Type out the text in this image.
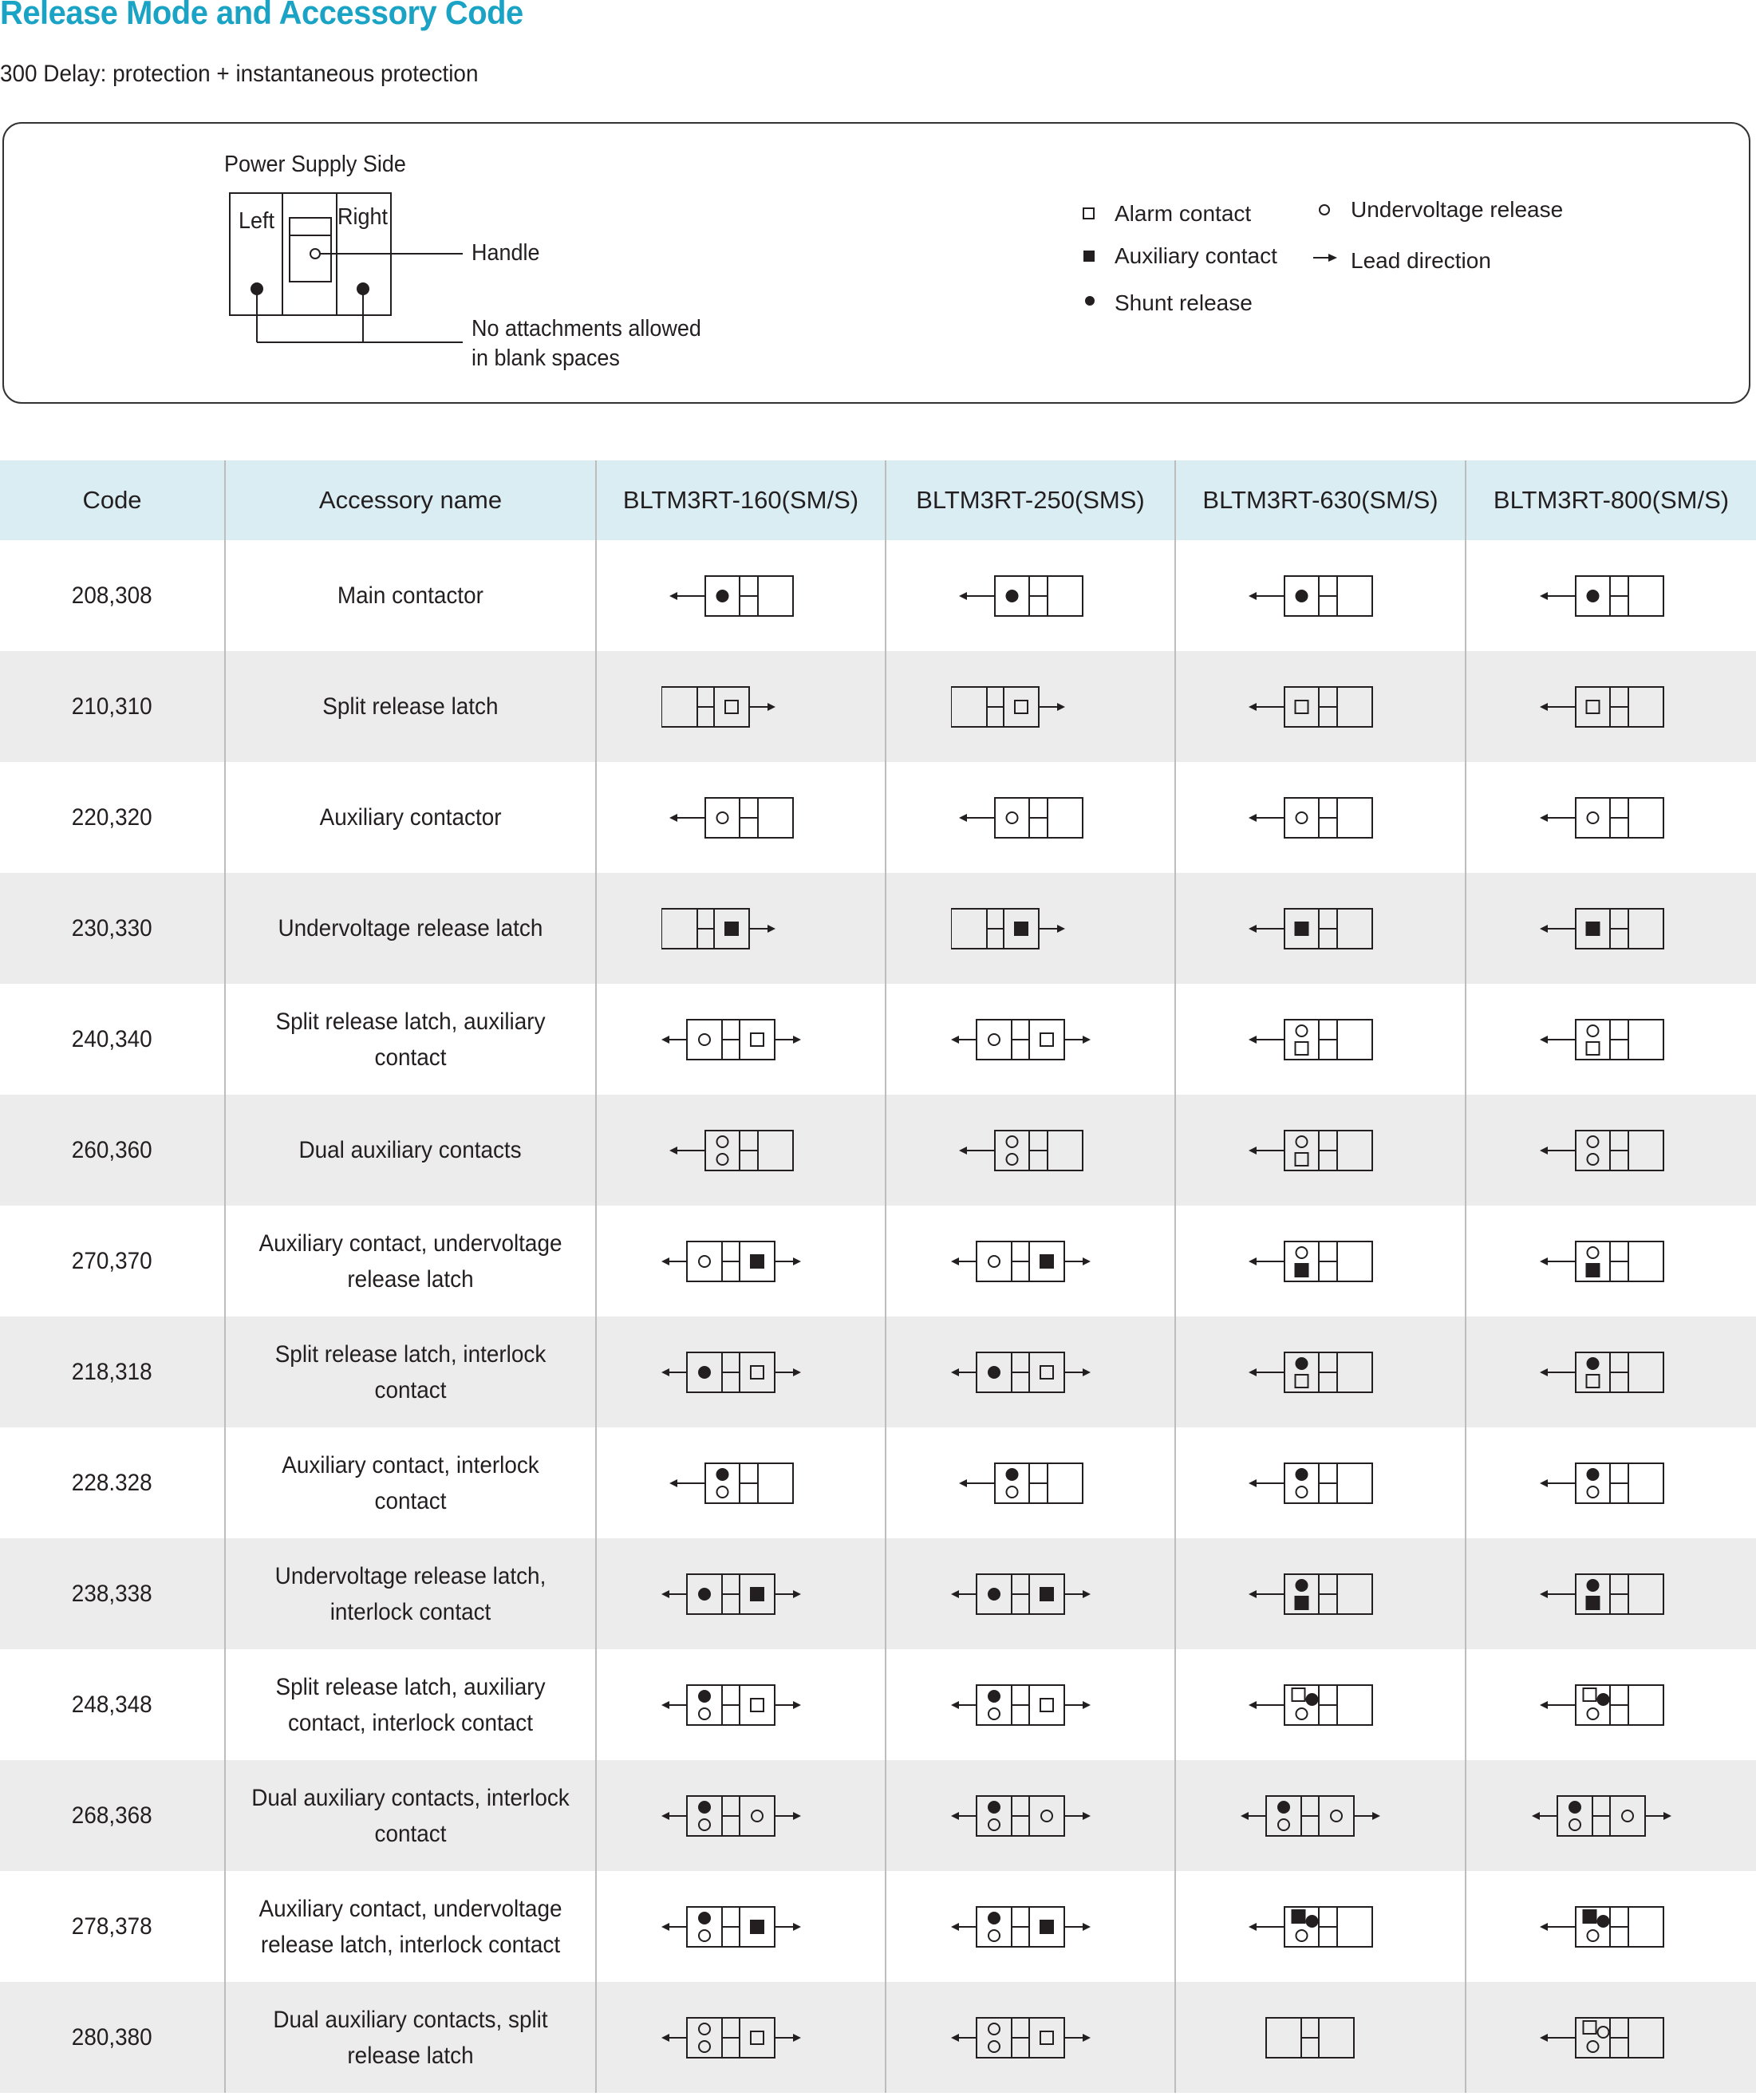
Release Mode and Accessory Code
300 Delay: protection + instantaneous protection
Power Supply Side
Left	Right
Handle
No attachments allowed
in blank spaces
Alarm contact
Auxiliary contact
Shunt release
Undervoltage release
Lead direction
Code	Accessory name	BLTM3RT-160(SM/S)	BLTM3RT-250(SMS)	BLTM3RT-630(SM/S)	BLTM3RT-800(SM/S)
208,308	Main contactor	

210,310	Split release latch	

220,320	Auxiliary contactor	

230,330	Undervoltage release latch	

240,340	Split release latch, auxiliary contact	

260,360	Dual auxiliary contacts	

270,370	Auxiliary contact, undervoltage release latch	

218,318	Split release latch, interlock contact	

228.328	Auxiliary contact, interlock contact	

238,338	Undervoltage release latch, interlock contact	

248,348	Split release latch, auxiliary contact, interlock contact	

268,368	Dual auxiliary contacts, interlock contact	

278,378	Auxiliary contact, undervoltage release latch, interlock contact	

280,380	Dual auxiliary contacts, split release latch	
